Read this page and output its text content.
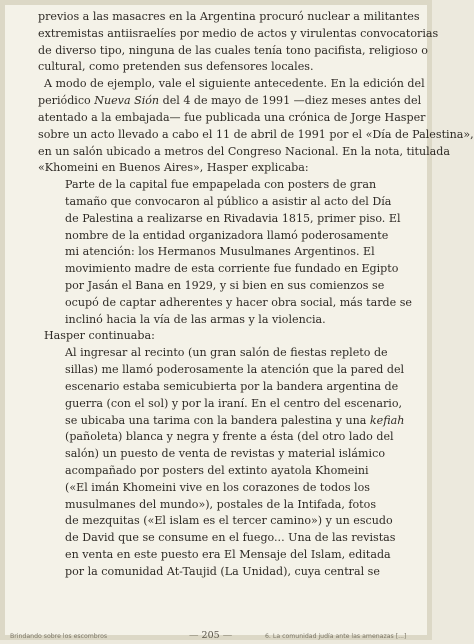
previos a las masacres en la Argentina procuró nuclear a militantes
extremistas antiisraelíes por medio de actos y virulentas convocatorias
de diverso tipo, ninguna de las cuales tenía tono pacifista, religioso o
cultural, como pretenden sus defensores locales.
A modo de ejemplo, vale el siguiente antecedente. En la edición del
periódico Nueva Sión del 4 de mayo de 1991 —diez meses antes del
atentado a la embajada— fue publicada una crónica de Jorge Hasper
sobre un acto llevado a cabo el 11 de abril de 1991 por el «Día de Palestina»,
en un salón ubicado a metros del Congreso Nacional. En la nota, titulada
«Khomeini en Buenos Aires», Hasper explicaba:
Parte de la capital fue empapelada con posters de gran
tamaño que convocaron al público a asistir al acto del Día
de Palestina a realizarse en Rivadavia 1815, primer piso. El
nombre de la entidad organizadora llamó poderosamente
mi atención: los Hermanos Musulmanes Argentinos. El
movimiento madre de esta corriente fue fundado en Egipto
por Jasán el Bana en 1929, y si bien en sus comienzos se
ocupó de captar adherentes y hacer obra social, más tarde se
inclinó hacia la vía de las armas y la violencia.
Hasper continuaba:
Al ingresar al recinto (un gran salón de fiestas repleto de
sillas) me llamó poderosamente la atención que la pared del
escenario estaba semicubierta por la bandera argentina de
guerra (con el sol) y por la iraní. En el centro del escenario,
se ubicaba una tarima con la bandera palestina y una kefiah
(pañoleta) blanca y negra y frente a ésta (del otro lado del
salón) un puesto de venta de revistas y material islámico
acompañado por posters del extinto ayatola Khomeini
(«El imán Khomeini vive en los corazones de todos los
musulmanes del mundo»), postales de la Intifada, fotos
de mezquitas («El islam es el tercer camino») y un escudo
de David que se consume en el fuego... Una de las revistas
en venta en este puesto era El Mensaje del Islam, editada
por la comunidad At-Taujid (La Unidad), cuya central se
Brindando sobre los escombros	— 205 —	6. La comunidad judía ante las amenazas [...]
